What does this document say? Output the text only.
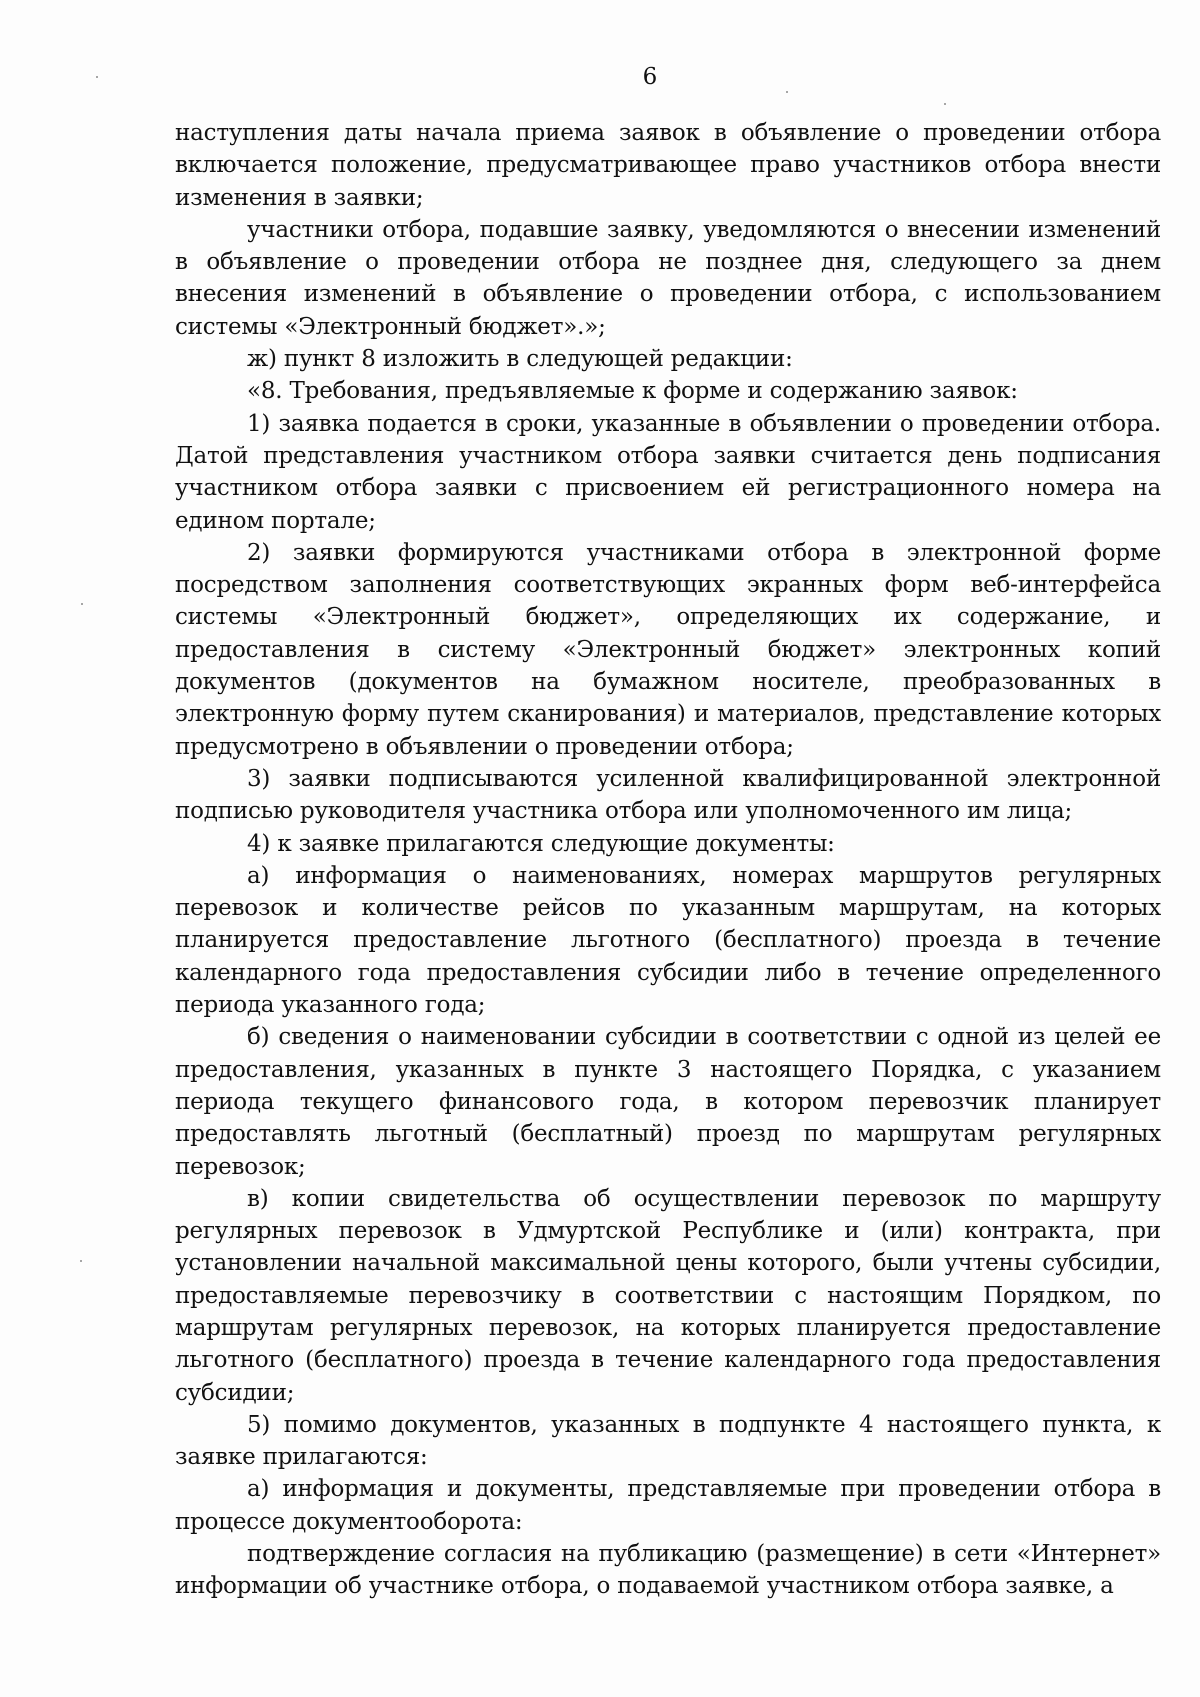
6

наступления даты начала приема заявок в объявление о проведении отбора включается положение, предусматривающее право участников отбора внести изменения в заявки;

участники отбора, подавшие заявку, уведомляются о внесении изменений в объявление о проведении отбора не позднее дня, следующего за днем внесения изменений в объявление о проведении отбора, с использованием системы «Электронный бюджет».»;

ж) пункт 8 изложить в следующей редакции:

«8. Требования, предъявляемые к форме и содержанию заявок:

1) заявка подается в сроки, указанные в объявлении о проведении отбора. Датой представления участником отбора заявки считается день подписания участником отбора заявки с присвоением ей регистрационного номера на едином портале;

2) заявки формируются участниками отбора в электронной форме посредством заполнения соответствующих экранных форм веб-интерфейса системы «Электронный бюджет», определяющих их содержание, и предоставления в систему «Электронный бюджет» электронных копий документов (документов на бумажном носителе, преобразованных в электронную форму путем сканирования) и материалов, представление которых предусмотрено в объявлении о проведении отбора;

3) заявки подписываются усиленной квалифицированной электронной подписью руководителя участника отбора или уполномоченного им лица;

4) к заявке прилагаются следующие документы:

а) информация о наименованиях, номерах маршрутов регулярных перевозок и количестве рейсов по указанным маршрутам, на которых планируется предоставление льготного (бесплатного) проезда в течение календарного года предоставления субсидии либо в течение определенного периода указанного года;

б) сведения о наименовании субсидии в соответствии с одной из целей ее предоставления, указанных в пункте 3 настоящего Порядка, с указанием периода текущего финансового года, в котором перевозчик планирует предоставлять льготный (бесплатный) проезд по маршрутам регулярных перевозок;

в) копии свидетельства об осуществлении перевозок по маршруту регулярных перевозок в Удмуртской Республике и (или) контракта, при установлении начальной максимальной цены которого, были учтены субсидии, предоставляемые перевозчику в соответствии с настоящим Порядком, по маршрутам регулярных перевозок, на которых планируется предоставление льготного (бесплатного) проезда в течение календарного года предоставления субсидии;

5) помимо документов, указанных в подпункте 4 настоящего пункта, к заявке прилагаются:

а) информация и документы, представляемые при проведении отбора в процессе документооборота:

подтверждение согласия на публикацию (размещение) в сети «Интернет» информации об участнике отбора, о подаваемой участником отбора заявке, а
